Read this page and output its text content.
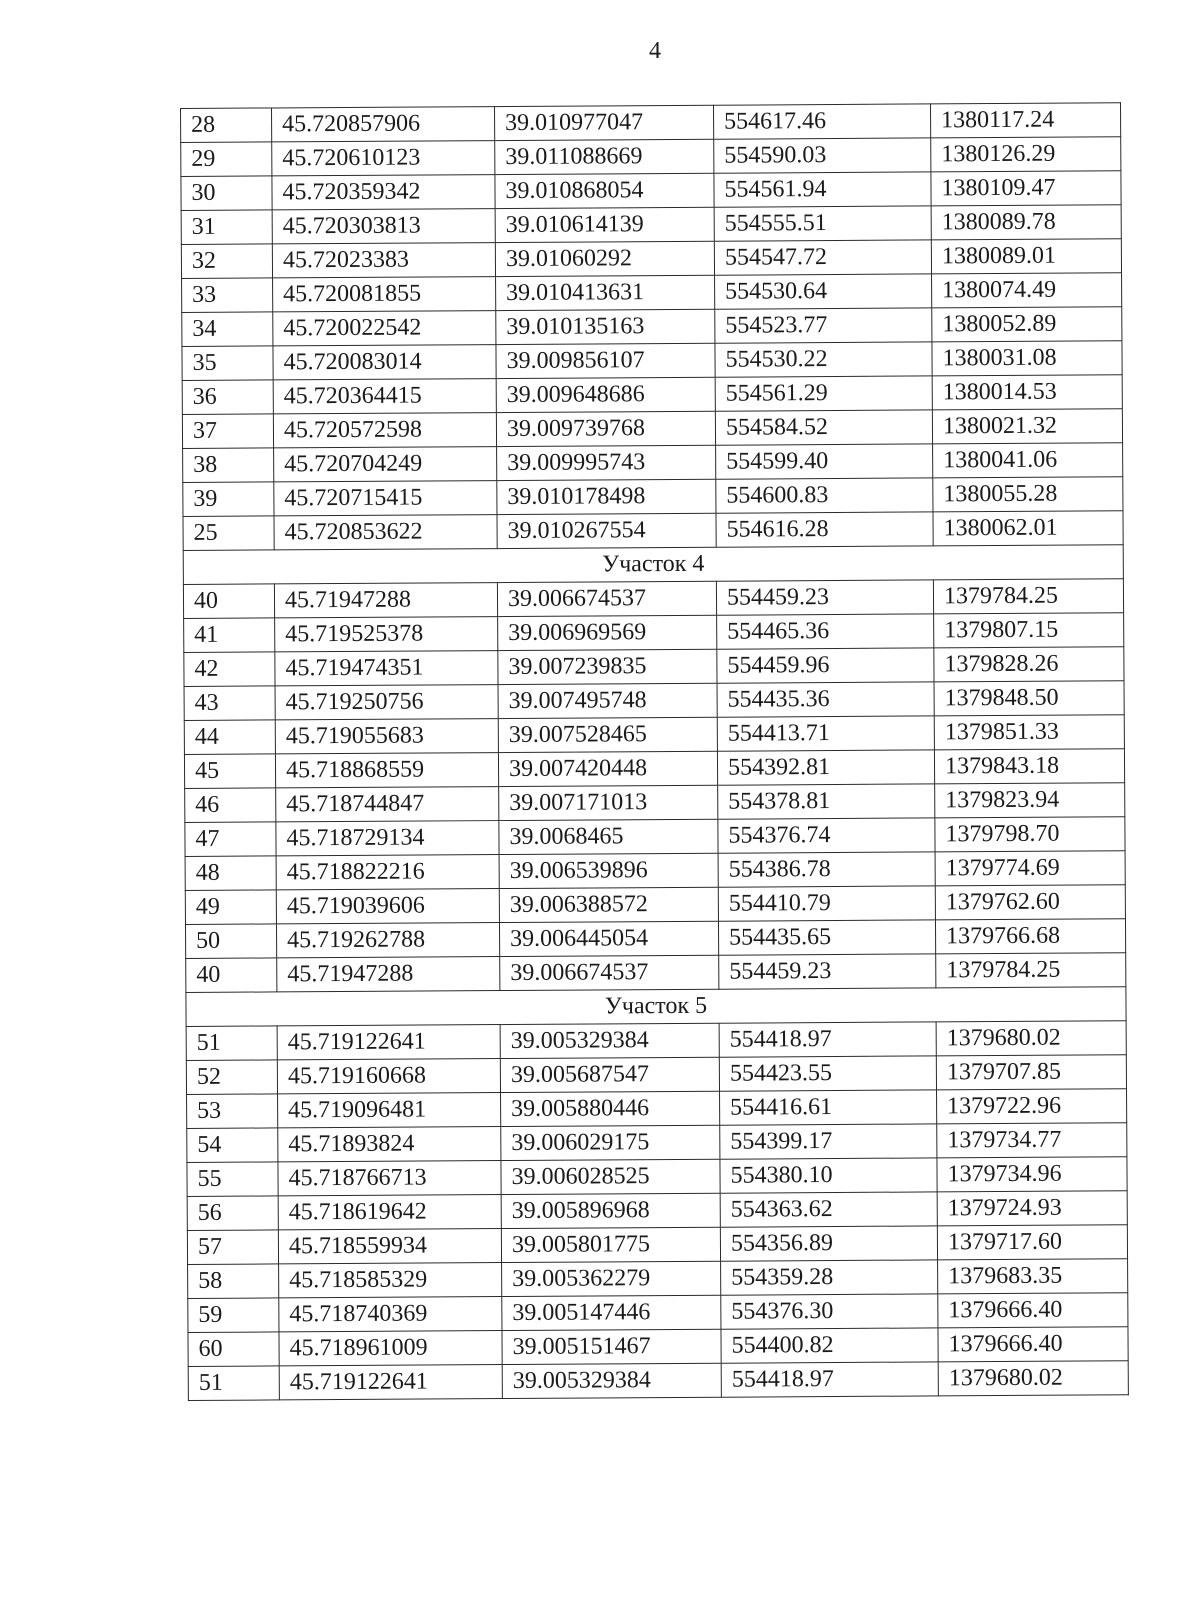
4
28	45.720857906	39.010977047	554617.46	1380117.24
29	45.720610123	39.011088669	554590.03	1380126.29
30	45.720359342	39.010868054	554561.94	1380109.47
31	45.720303813	39.010614139	554555.51	1380089.78
32	45.72023383	39.01060292	554547.72	1380089.01
33	45.720081855	39.010413631	554530.64	1380074.49
34	45.720022542	39.010135163	554523.77	1380052.89
35	45.720083014	39.009856107	554530.22	1380031.08
36	45.720364415	39.009648686	554561.29	1380014.53
37	45.720572598	39.009739768	554584.52	1380021.32
38	45.720704249	39.009995743	554599.40	1380041.06
39	45.720715415	39.010178498	554600.83	1380055.28
25	45.720853622	39.010267554	554616.28	1380062.01
Участок 4				
40	45.71947288	39.006674537	554459.23	1379784.25
41	45.719525378	39.006969569	554465.36	1379807.15
42	45.719474351	39.007239835	554459.96	1379828.26
43	45.719250756	39.007495748	554435.36	1379848.50
44	45.719055683	39.007528465	554413.71	1379851.33
45	45.718868559	39.007420448	554392.81	1379843.18
46	45.718744847	39.007171013	554378.81	1379823.94
47	45.718729134	39.0068465	554376.74	1379798.70
48	45.718822216	39.006539896	554386.78	1379774.69
49	45.719039606	39.006388572	554410.79	1379762.60
50	45.719262788	39.006445054	554435.65	1379766.68
40	45.71947288	39.006674537	554459.23	1379784.25
Участок 5				
51	45.719122641	39.005329384	554418.97	1379680.02
52	45.719160668	39.005687547	554423.55	1379707.85
53	45.719096481	39.005880446	554416.61	1379722.96
54	45.71893824	39.006029175	554399.17	1379734.77
55	45.718766713	39.006028525	554380.10	1379734.96
56	45.718619642	39.005896968	554363.62	1379724.93
57	45.718559934	39.005801775	554356.89	1379717.60
58	45.718585329	39.005362279	554359.28	1379683.35
59	45.718740369	39.005147446	554376.30	1379666.40
60	45.718961009	39.005151467	554400.82	1379666.40
51	45.719122641	39.005329384	554418.97	1379680.02
